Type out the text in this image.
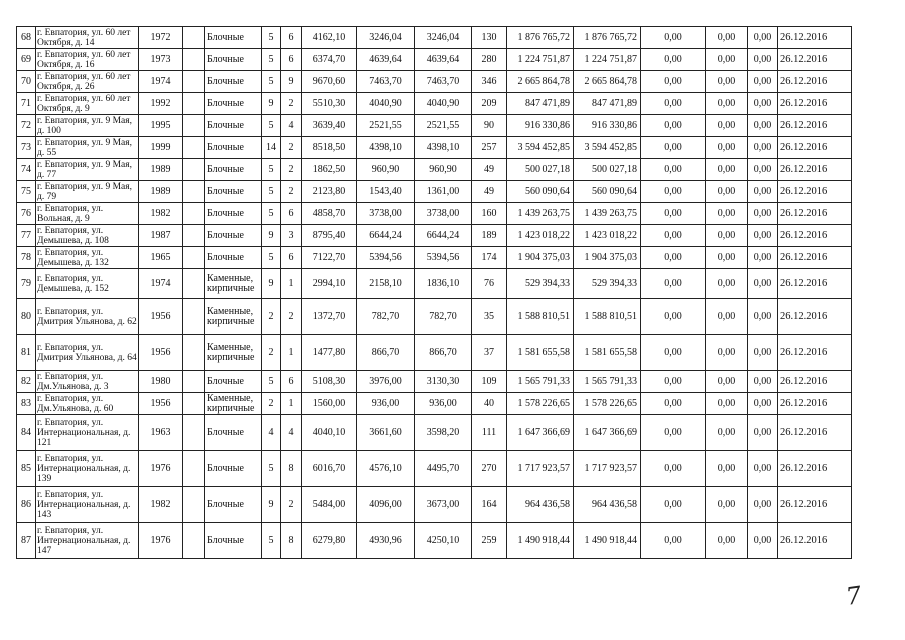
68	г. Евпатория, ул. 60 лет Октября, д. 14	1972		Блочные	5	6	4162,10	3246,04	3246,04	130	1 876 765,72	1 876 765,72	0,00	0,00	0,00	26.12.2016
69	г. Евпатория, ул. 60 лет Октября, д. 16	1973		Блочные	5	6	6374,70	4639,64	4639,64	280	1 224 751,87	1 224 751,87	0,00	0,00	0,00	26.12.2016
70	г. Евпатория, ул. 60 лет Октября, д. 26	1974		Блочные	5	9	9670,60	7463,70	7463,70	346	2 665 864,78	2 665 864,78	0,00	0,00	0,00	26.12.2016
71	г. Евпатория, ул. 60 лет Октября, д. 9	1992		Блочные	9	2	5510,30	4040,90	4040,90	209	847 471,89	847 471,89	0,00	0,00	0,00	26.12.2016
72	г. Евпатория, ул. 9 Мая, д. 100	1995		Блочные	5	4	3639,40	2521,55	2521,55	90	916 330,86	916 330,86	0,00	0,00	0,00	26.12.2016
73	г. Евпатория, ул. 9 Мая, д. 55	1999		Блочные	14	2	8518,50	4398,10	4398,10	257	3 594 452,85	3 594 452,85	0,00	0,00	0,00	26.12.2016
74	г. Евпатория, ул. 9 Мая, д. 77	1989		Блочные	5	2	1862,50	960,90	960,90	49	500 027,18	500 027,18	0,00	0,00	0,00	26.12.2016
75	г. Евпатория, ул. 9 Мая, д. 79	1989		Блочные	5	2	2123,80	1543,40	1361,00	49	560 090,64	560 090,64	0,00	0,00	0,00	26.12.2016
76	г. Евпатория, ул. Вольная, д. 9	1982		Блочные	5	6	4858,70	3738,00	3738,00	160	1 439 263,75	1 439 263,75	0,00	0,00	0,00	26.12.2016
77	г. Евпатория, ул. Демышева, д. 108	1987		Блочные	9	3	8795,40	6644,24	6644,24	189	1 423 018,22	1 423 018,22	0,00	0,00	0,00	26.12.2016
78	г. Евпатория, ул. Демышева, д. 132	1965		Блочные	5	6	7122,70	5394,56	5394,56	174	1 904 375,03	1 904 375,03	0,00	0,00	0,00	26.12.2016
79	г. Евпатория, ул. Демышева, д. 152	1974		Каменные, кирпичные	9	1	2994,10	2158,10	1836,10	76	529 394,33	529 394,33	0,00	0,00	0,00	26.12.2016
80	г. Евпатория, ул. Дмитрия Ульянова, д. 62	1956		Каменные, кирпичные	2	2	1372,70	782,70	782,70	35	1 588 810,51	1 588 810,51	0,00	0,00	0,00	26.12.2016
81	г. Евпатория, ул. Дмитрия Ульянова, д. 64	1956		Каменные, кирпичные	2	1	1477,80	866,70	866,70	37	1 581 655,58	1 581 655,58	0,00	0,00	0,00	26.12.2016
82	г. Евпатория, ул. Дм.Ульянова, д. 3	1980		Блочные	5	6	5108,30	3976,00	3130,30	109	1 565 791,33	1 565 791,33	0,00	0,00	0,00	26.12.2016
83	г. Евпатория, ул. Дм.Ульянова, д. 60	1956		Каменные, кирпичные	2	1	1560,00	936,00	936,00	40	1 578 226,65	1 578 226,65	0,00	0,00	0,00	26.12.2016
84	г. Евпатория, ул. Интернациональная, д. 121	1963		Блочные	4	4	4040,10	3661,60	3598,20	111	1 647 366,69	1 647 366,69	0,00	0,00	0,00	26.12.2016
85	г. Евпатория, ул. Интернациональная, д. 139	1976		Блочные	5	8	6016,70	4576,10	4495,70	270	1 717 923,57	1 717 923,57	0,00	0,00	0,00	26.12.2016
86	г. Евпатория, ул. Интернациональная, д. 143	1982		Блочные	9	2	5484,00	4096,00	3673,00	164	964 436,58	964 436,58	0,00	0,00	0,00	26.12.2016
87	г. Евпатория, ул. Интернациональная, д. 147	1976		Блочные	5	8	6279,80	4930,96	4250,10	259	1 490 918,44	1 490 918,44	0,00	0,00	0,00	26.12.2016
7
